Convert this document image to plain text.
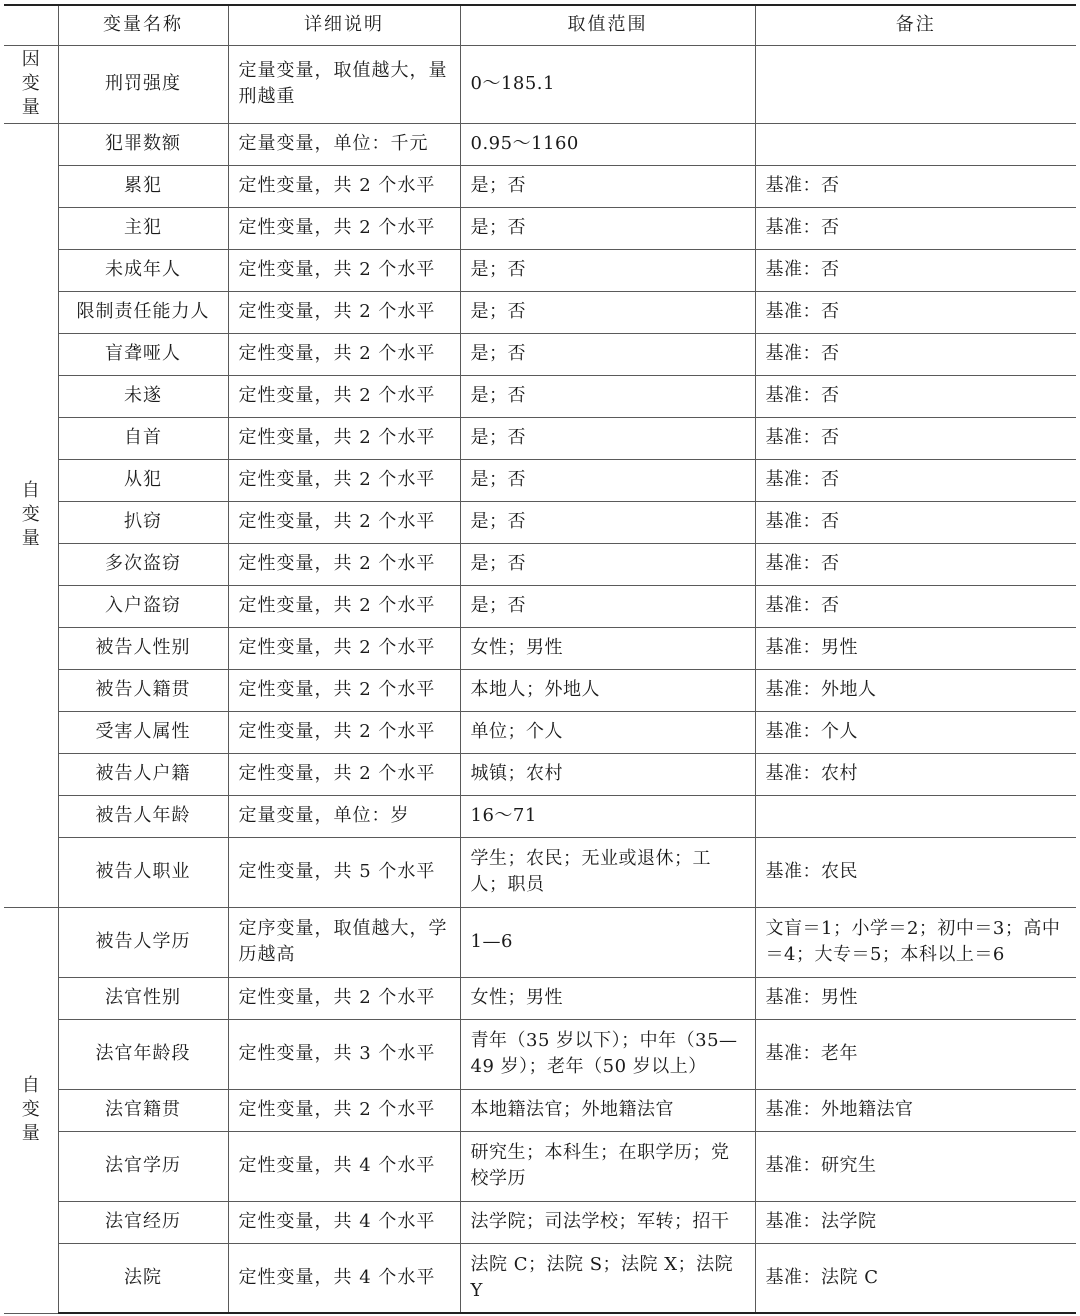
	变量名称	详细说明	取值范围	备注
因变量	刑罚强度	定量变量，取值越大，量刑越重	0～185.1	
自变量	犯罪数额	定量变量，单位：千元	0.95～1160	
	累犯	定性变量，共 2 个水平	是；否	基准：否
	主犯	定性变量，共 2 个水平	是；否	基准：否
	未成年人	定性变量，共 2 个水平	是；否	基准：否
	限制责任能力人	定性变量，共 2 个水平	是；否	基准：否
	盲聋哑人	定性变量，共 2 个水平	是；否	基准：否
	未遂	定性变量，共 2 个水平	是；否	基准：否
	自首	定性变量，共 2 个水平	是；否	基准：否
	从犯	定性变量，共 2 个水平	是；否	基准：否
	扒窃	定性变量，共 2 个水平	是；否	基准：否
	多次盗窃	定性变量，共 2 个水平	是；否	基准：否
	入户盗窃	定性变量，共 2 个水平	是；否	基准：否
	被告人性别	定性变量，共 2 个水平	女性；男性	基准：男性
	被告人籍贯	定性变量，共 2 个水平	本地人；外地人	基准：外地人
	受害人属性	定性变量，共 2 个水平	单位；个人	基准：个人
	被告人户籍	定性变量，共 2 个水平	城镇；农村	基准：农村
	被告人年龄	定量变量，单位：岁	16～71	
	被告人职业	定性变量，共 5 个水平	学生；农民；无业或退休；工人；职员	基准：农民
自变量	被告人学历	定序变量，取值越大，学历越高	1—6	文盲＝1；小学＝2；初中＝3；高中＝4；大专＝5；本科以上＝6
	法官性别	定性变量，共 2 个水平	女性；男性	基准：男性
	法官年龄段	定性变量，共 3 个水平	青年（35 岁以下）；中年（35—49 岁）；老年（50 岁以上）	基准：老年
	法官籍贯	定性变量，共 2 个水平	本地籍法官；外地籍法官	基准：外地籍法官
	法官学历	定性变量，共 4 个水平	研究生；本科生；在职学历；党校学历	基准：研究生
	法官经历	定性变量，共 4 个水平	法学院；司法学校；军转；招干	基准：法学院
	法院	定性变量，共 4 个水平	法院 C；法院 S；法院 X；法院 Y	基准：法院 C
